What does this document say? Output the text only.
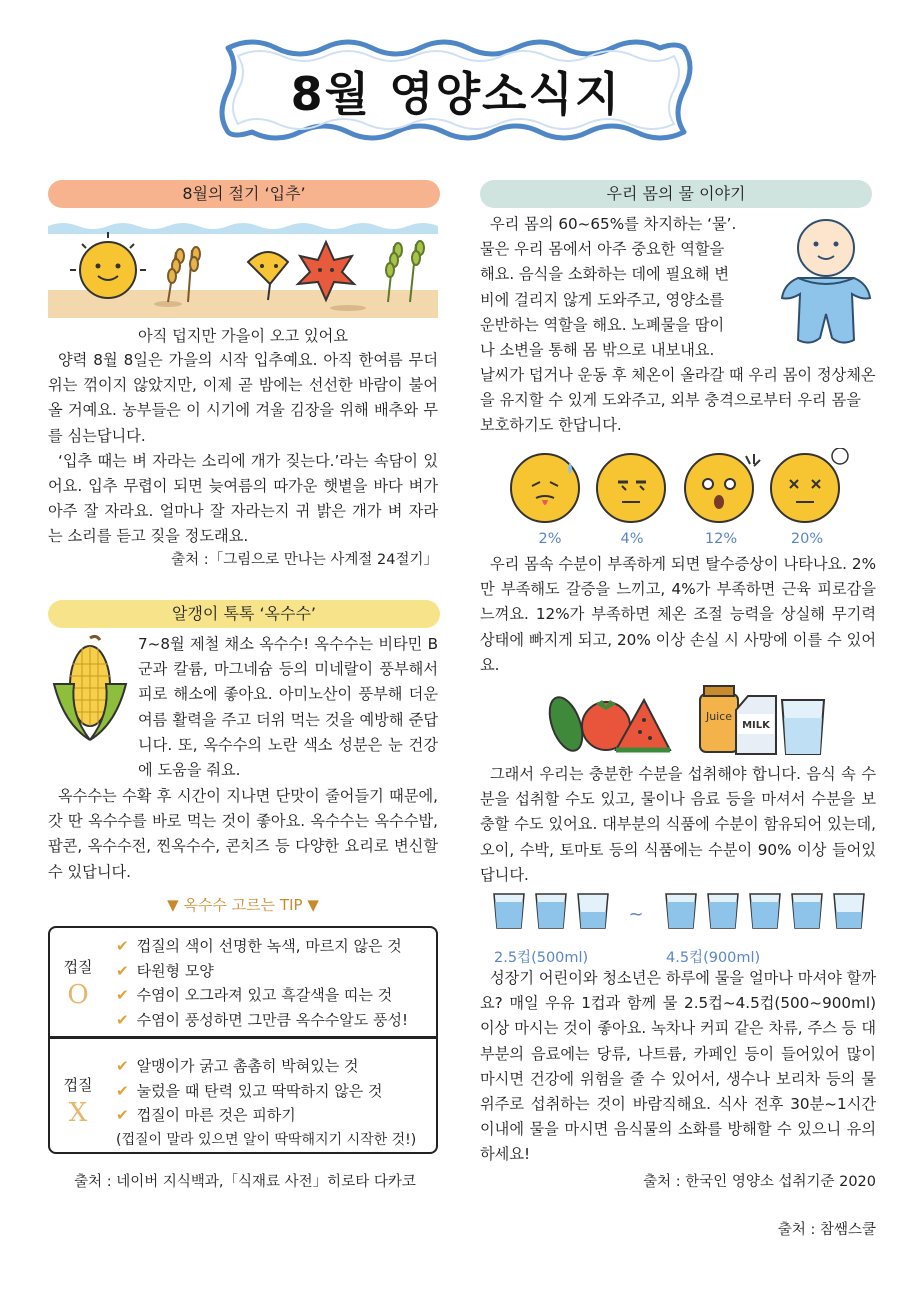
8월 영양소식지
8월의 절기 ‘입추’
아직 덥지만 가을이 오고 있어요

양력 8월 8일은 가을의 시작 입추예요. 아직 한여름 무더위는 꺾이지 않았지만, 이제 곧 밤에는 선선한 바람이 불어올 거예요. 농부들은 이 시기에 겨울 김장을 위해 배추와 무를 심는답니다.

‘입추 때는 벼 자라는 소리에 개가 짖는다.’라는 속담이 있어요. 입추 무렵이 되면 늦여름의 따가운 햇볕을 바다 벼가 아주 잘 자라요. 얼마나 잘 자라는지 귀 밝은 개가 벼 자라는 소리를 듣고 짖을 정도래요.

출처 :「그림으로 만나는 사계절 24절기」
알갱이 톡톡 ‘옥수수’

7~8월 제철 채소 옥수수! 옥수수는 비타민 B군과 칼륨, 마그네슘 등의 미네랄이 풍부해서 피로 해소에 좋아요. 아미노산이 풍부해 더운 여름 활력을 주고 더위 먹는 것을 예방해 준답니다. 또, 옥수수의 노란 색소 성분은 눈 건강에 도움을 줘요.

옥수수는 수확 후 시간이 지나면 단맛이 줄어들기 때문에, 갓 딴 옥수수를 바로 먹는 것이 좋아요. 옥수수는 옥수수밥, 팝콘, 옥수수전, 찐옥수수, 콘치즈 등 다양한 요리로 변신할 수 있답니다.

▼ 옥수수 고르는 TIP ▼
껍질
O
✔ 껍질의 색이 선명한 녹색, 마르지 않은 것
✔ 타원형 모양
✔ 수염이 오그라져 있고 흑갈색을 띠는 것
✔ 수염이 풍성하면 그만큼 옥수수알도 풍성!
껍질
X
✔ 알맹이가 굵고 촘촘히 박혀있는 것
✔ 눌렀을 때 탄력 있고 딱딱하지 않은 것
✔ 껍질이 마른 것은 피하기
(껍질이 말라 있으면 알이 딱딱해지기 시작한 것!)
출처 : 네이버 지식백과,「식재료 사전」히로타 다카코
우리 몸의 물 이야기

우리 몸의 60~65%를 차지하는 ‘물’.

물은 우리 몸에서 아주 중요한 역할을

해요. 음식을 소화하는 데에 필요해 변

비에 걸리지 않게 도와주고, 영양소를

운반하는 역할을 해요. 노폐물을 땀이

나 소변을 통해 몸 밖으로 내보내요.

날씨가 덥거나 운동 후 체온이 올라갈 때 우리 몸이 정상체온을 유지할 수 있게 도와주고, 외부 충격으로부터 우리 몸을 보호하기도 한답니다.
2%	4%	12%	20%

우리 몸속 수분이 부족하게 되면 탈수증상이 나타나요. 2%만 부족해도 갈증을 느끼고, 4%가 부족하면 근육 피로감을 느껴요. 12%가 부족하면 체온 조절 능력을 상실해 무기력 상태에 빠지게 되고, 20% 이상 손실 시 사망에 이를 수 있어요.

Juice
MILK

그래서 우리는 충분한 수분을 섭취해야 합니다. 음식 속 수분을 섭취할 수도 있고, 물이나 음료 등을 마셔서 수분을 보충할 수도 있어요. 대부분의 식품에 수분이 함유되어 있는데, 오이, 수박, 토마토 등의 식품에는 수분이 90% 이상 들어있답니다.

~
2.5컵(500ml)	4.5컵(900ml)

성장기 어린이와 청소년은 하루에 물을 얼마나 마셔야 할까요? 매일 우유 1컵과 함께 물 2.5컵~4.5컵(500~900ml) 이상 마시는 것이 좋아요. 녹차나 커피 같은 차류, 주스 등 대부분의 음료에는 당류, 나트륨, 카페인 등이 들어있어 많이 마시면 건강에 위험을 줄 수 있어서, 생수나 보리차 등의 물 위주로 섭취하는 것이 바람직해요. 식사 전후 30분~1시간 이내에 물을 마시면 음식물의 소화를 방해할 수 있으니 유의하세요!

출처 : 한국인 영양소 섭취기준 2020
출처 : 참쌤스쿨
